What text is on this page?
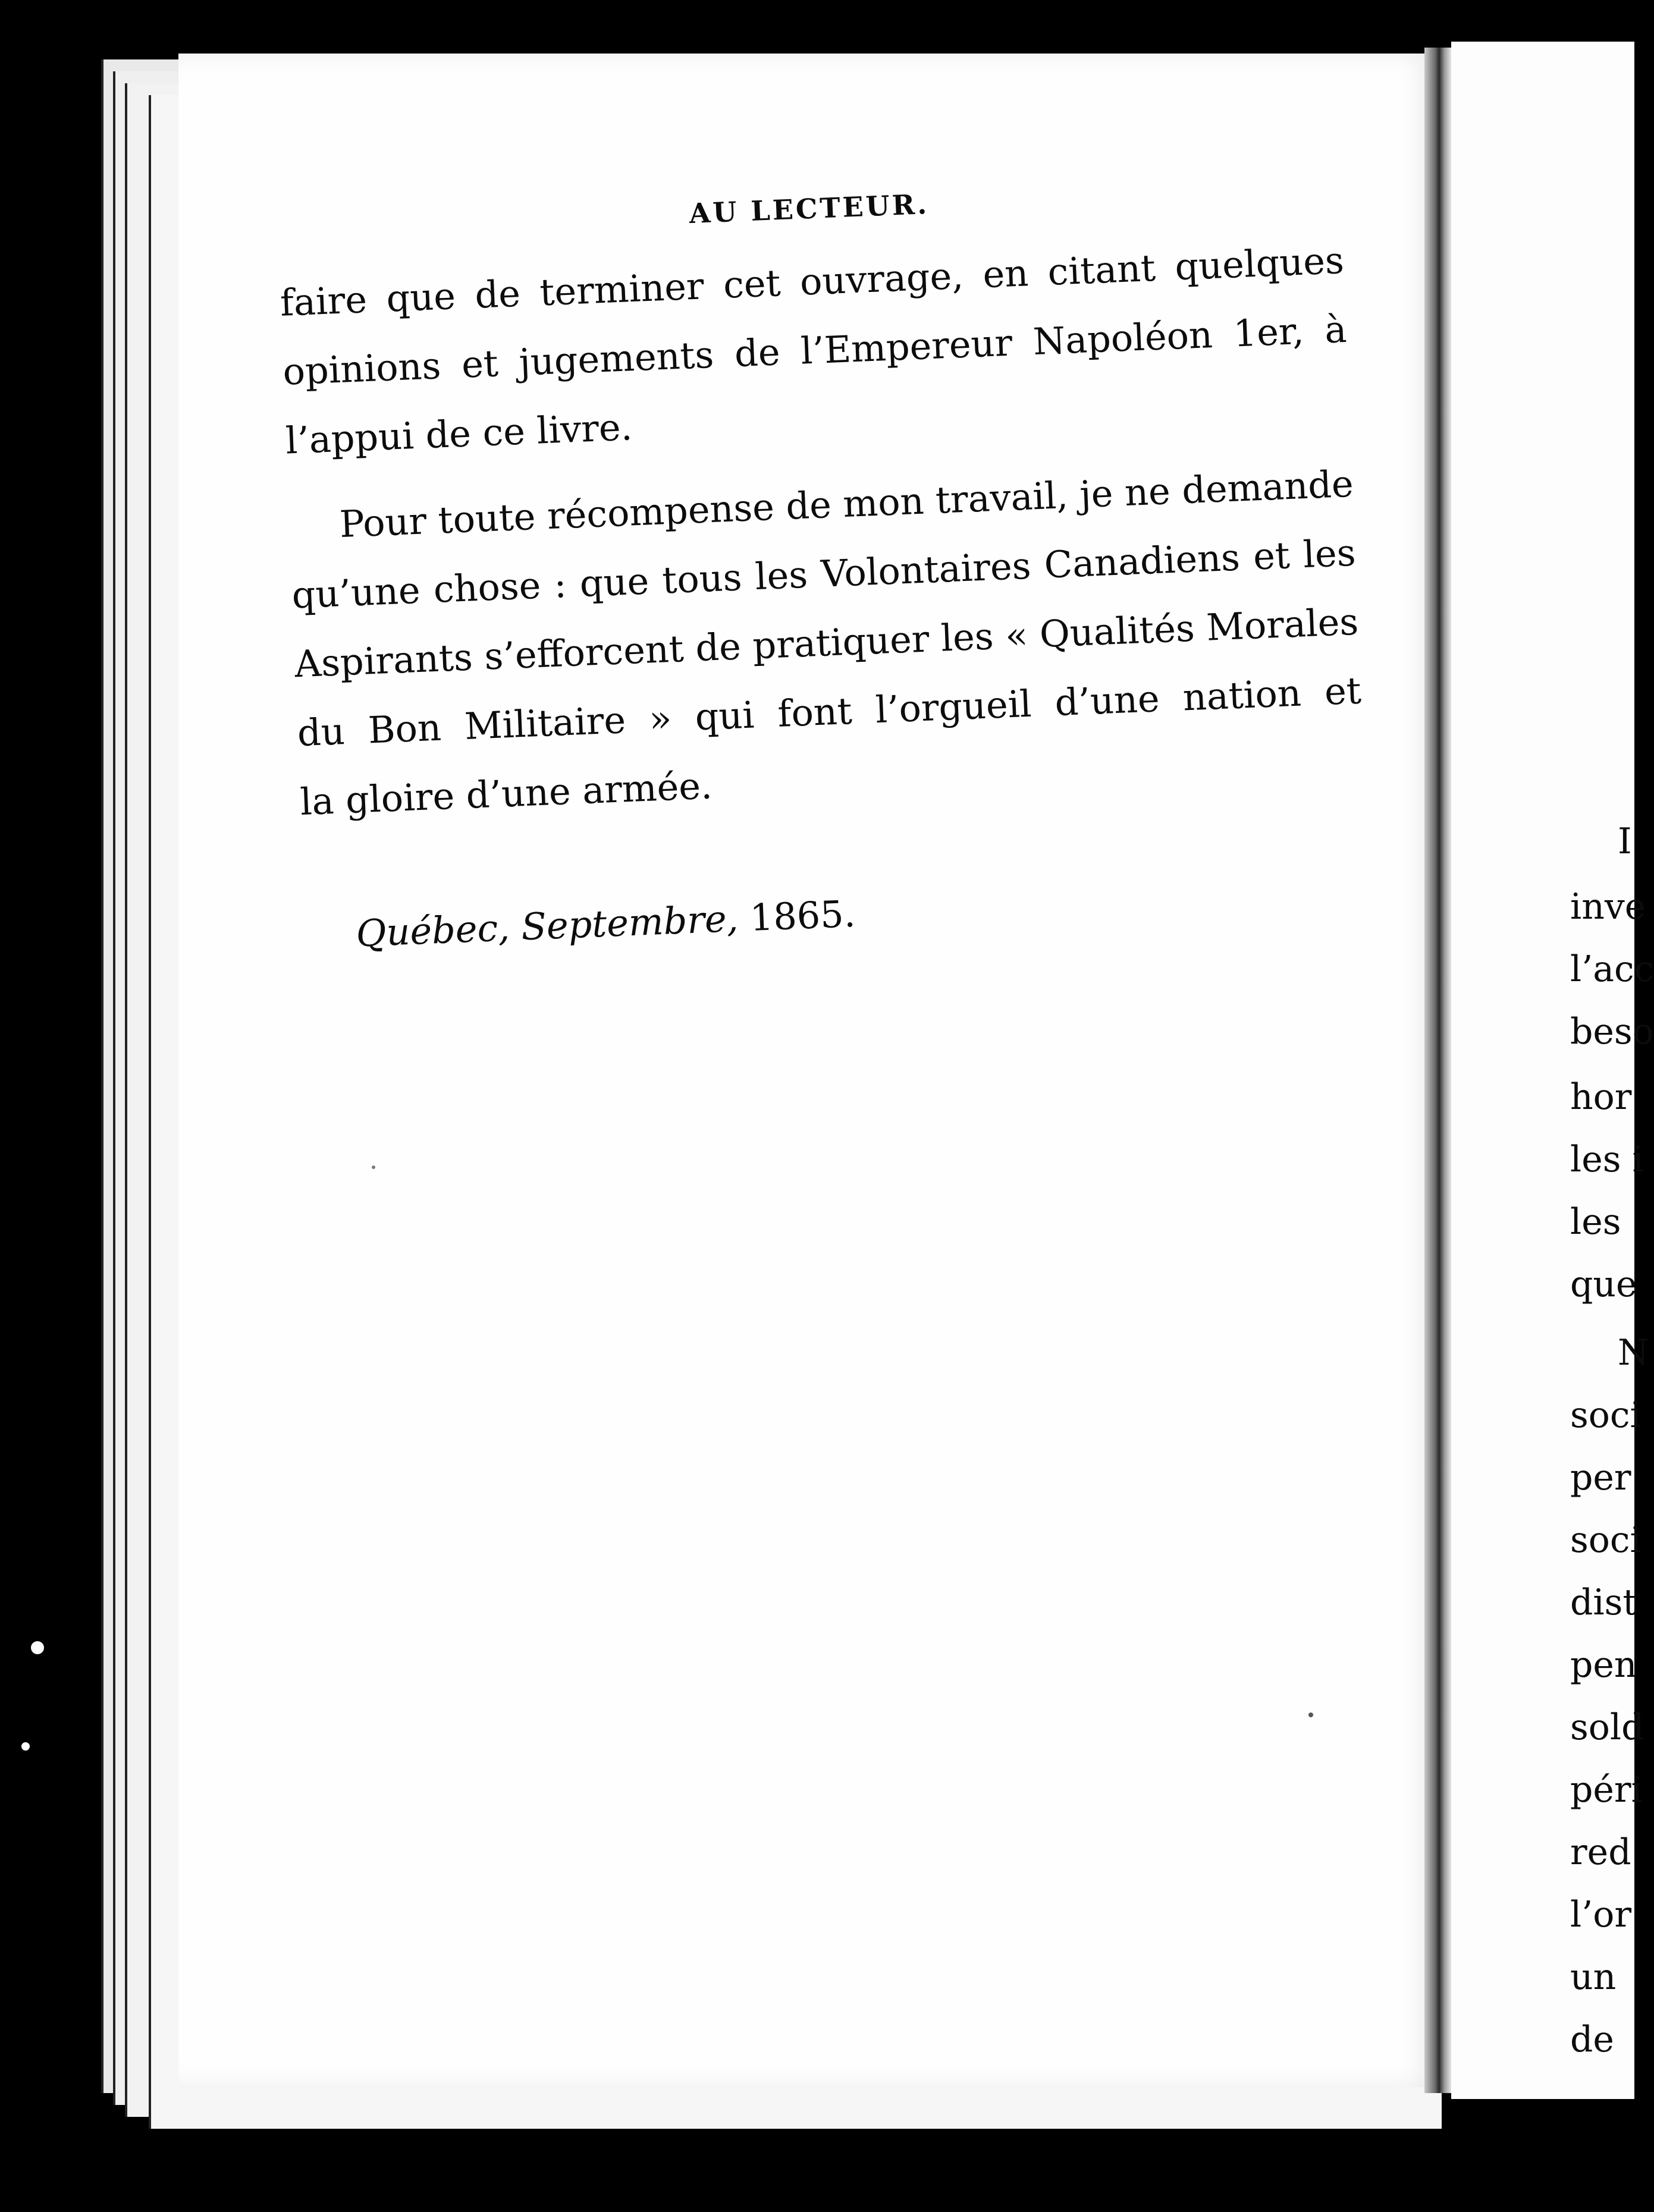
AU LECTEUR.

faire que de terminer cet ouvrage, en citant quelques
opinions et jugements de l’Empereur Napoléon 1er, à
l’appui de ce livre.

Pour toute récompense de mon travail, je ne demande
qu’une chose : que tous les Volontaires Canadiens et les
Aspirants s’efforcent de pratiquer les « Qualités Morales
du Bon Militaire » qui font l’orgueil d’une nation et
la gloire d’une armée.

Québec, Septembre, 1865.
I
inve
l’acc
beso
hor
les i
les
que
N
soci
per
soci
dist
pen
sold
péri
red
l’or
un
de
